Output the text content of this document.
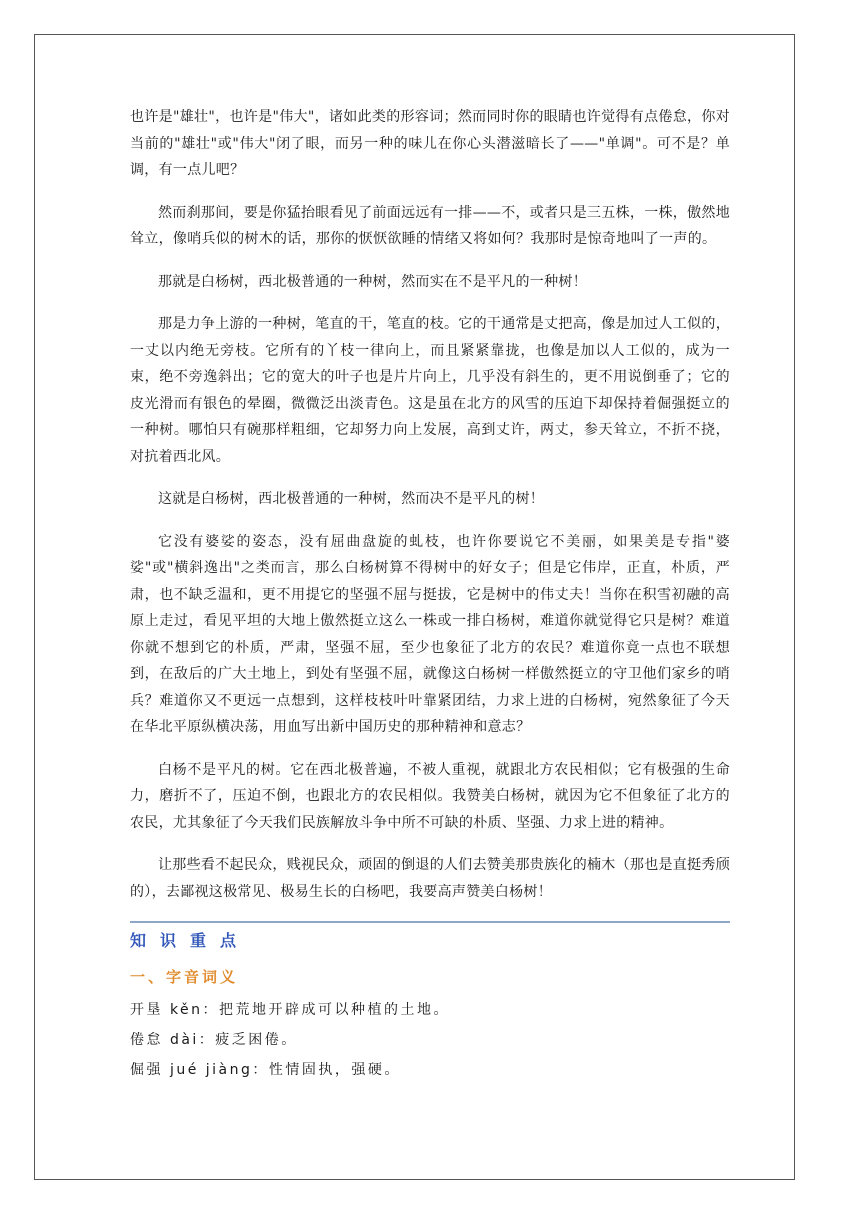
也许是"雄壮"，也许是"伟大"，诸如此类的形容词；然而同时你的眼睛也许觉得有点倦怠，你对当前的"雄壮"或"伟大"闭了眼，而另一种的味儿在你心头潜滋暗长了——"单调"。可不是？单调，有一点儿吧？

然而刹那间，要是你猛抬眼看见了前面远远有一排——不，或者只是三五株，一株，傲然地耸立，像哨兵似的树木的话，那你的恹恹欲睡的情绪又将如何？我那时是惊奇地叫了一声的。

那就是白杨树，西北极普通的一种树，然而实在不是平凡的一种树！

那是力争上游的一种树，笔直的干，笔直的枝。它的干通常是丈把高，像是加过人工似的，一丈以内绝无旁枝。它所有的丫枝一律向上，而且紧紧靠拢，也像是加以人工似的，成为一束，绝不旁逸斜出；它的宽大的叶子也是片片向上，几乎没有斜生的，更不用说倒垂了；它的皮光滑而有银色的晕圈，微微泛出淡青色。这是虽在北方的风雪的压迫下却保持着倔强挺立的一种树。哪怕只有碗那样粗细，它却努力向上发展，高到丈许，两丈，参天耸立，不折不挠，对抗着西北风。

这就是白杨树，西北极普通的一种树，然而决不是平凡的树！

它没有婆娑的姿态，没有屈曲盘旋的虬枝，也许你要说它不美丽，如果美是专指"婆娑"或"横斜逸出"之类而言，那么白杨树算不得树中的好女子；但是它伟岸，正直，朴质，严肃，也不缺乏温和，更不用提它的坚强不屈与挺拔，它是树中的伟丈夫！当你在积雪初融的高原上走过，看见平坦的大地上傲然挺立这么一株或一排白杨树，难道你就觉得它只是树？难道你就不想到它的朴质，严肃，坚强不屈，至少也象征了北方的农民？难道你竟一点也不联想到，在敌后的广大土地上，到处有坚强不屈，就像这白杨树一样傲然挺立的守卫他们家乡的哨兵？难道你又不更远一点想到，这样枝枝叶叶靠紧团结，力求上进的白杨树，宛然象征了今天在华北平原纵横决荡，用血写出新中国历史的那种精神和意志？

白杨不是平凡的树。它在西北极普遍，不被人重视，就跟北方农民相似；它有极强的生命力，磨折不了，压迫不倒，也跟北方的农民相似。我赞美白杨树，就因为它不但象征了北方的农民，尤其象征了今天我们民族解放斗争中所不可缺的朴质、坚强、力求上进的精神。

让那些看不起民众，贱视民众，顽固的倒退的人们去赞美那贵族化的楠木（那也是直挺秀颀的），去鄙视这极常见、极易生长的白杨吧，我要高声赞美白杨树！

知识重点
一、字音词义

开垦 kěn：把荒地开辟成可以种植的土地。

倦怠 dài：疲乏困倦。

倔强 jué jiàng：性情固执，强硬。
